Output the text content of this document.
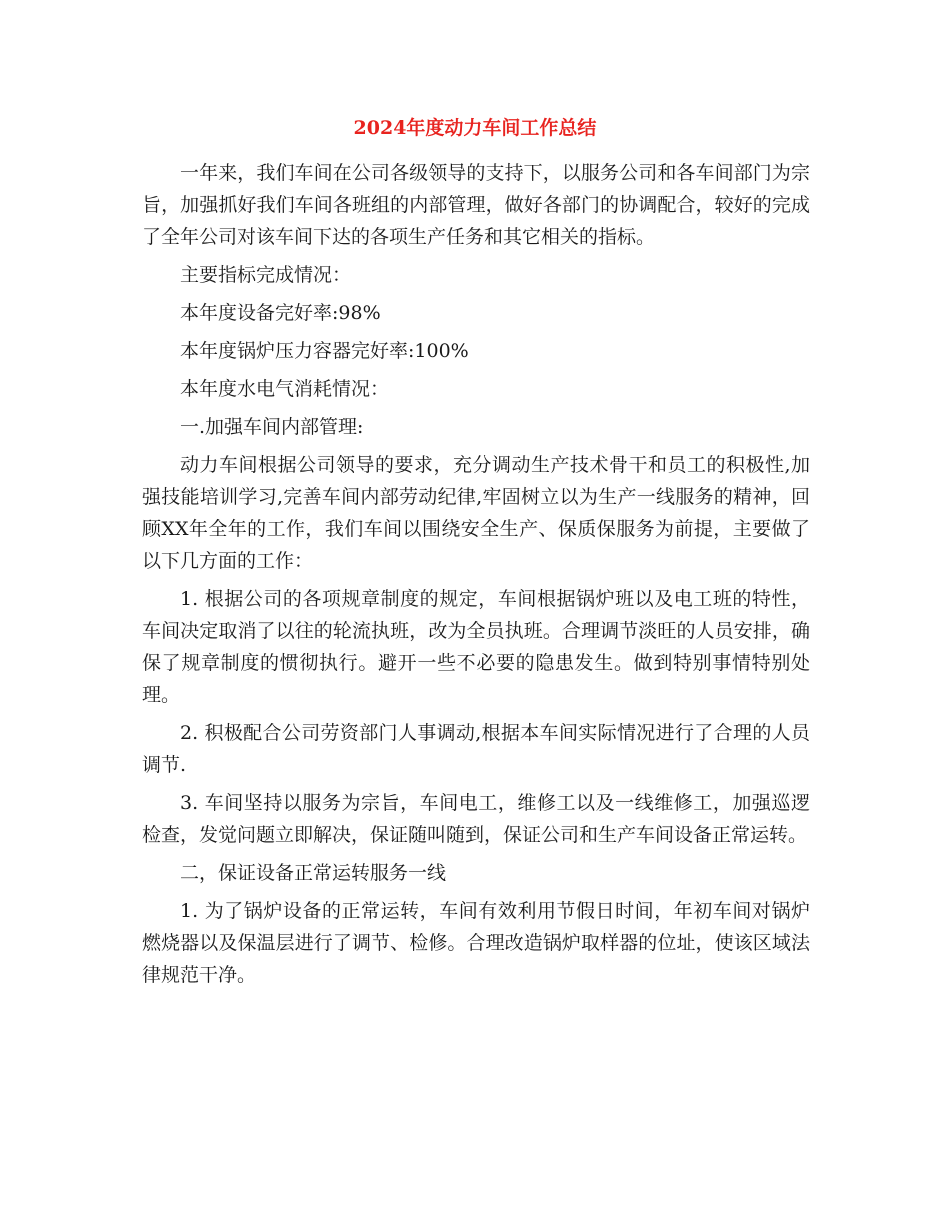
2024年度动力车间工作总结

一年来，我们车间在公司各级领导的支持下，以服务公司和各车间部门为宗旨，加强抓好我们车间各班组的内部管理，做好各部门的协调配合，较好的完成了全年公司对该车间下达的各项生产任务和其它相关的指标。

主要指标完成情况：

本年度设备完好率:98%

本年度锅炉压力容器完好率:100%

本年度水电气消耗情况：

一.加强车间内部管理:

动力车间根据公司领导的要求，充分调动生产技术骨干和员工的积极性,加强技能培训学习,完善车间内部劳动纪律,牢固树立以为生产一线服务的精神，回顾XX年全年的工作，我们车间以围绕安全生产、保质保服务为前提，主要做了以下几方面的工作：

1. 根据公司的各项规章制度的规定，车间根据锅炉班以及电工班的特性，车间决定取消了以往的轮流执班，改为全员执班。合理调节淡旺的人员安排，确保了规章制度的惯彻执行。避开一些不必要的隐患发生。做到特别事情特别处理。

2. 积极配合公司劳资部门人事调动,根据本车间实际情况进行了合理的人员调节.

3. 车间坚持以服务为宗旨，车间电工，维修工以及一线维修工，加强巡逻检查，发觉问题立即解决，保证随叫随到，保证公司和生产车间设备正常运转。

二，保证设备正常运转服务一线

1. 为了锅炉设备的正常运转，车间有效利用节假日时间，年初车间对锅炉燃烧器以及保温层进行了调节、检修。合理改造锅炉取样器的位址，使该区域法律规范干净。
